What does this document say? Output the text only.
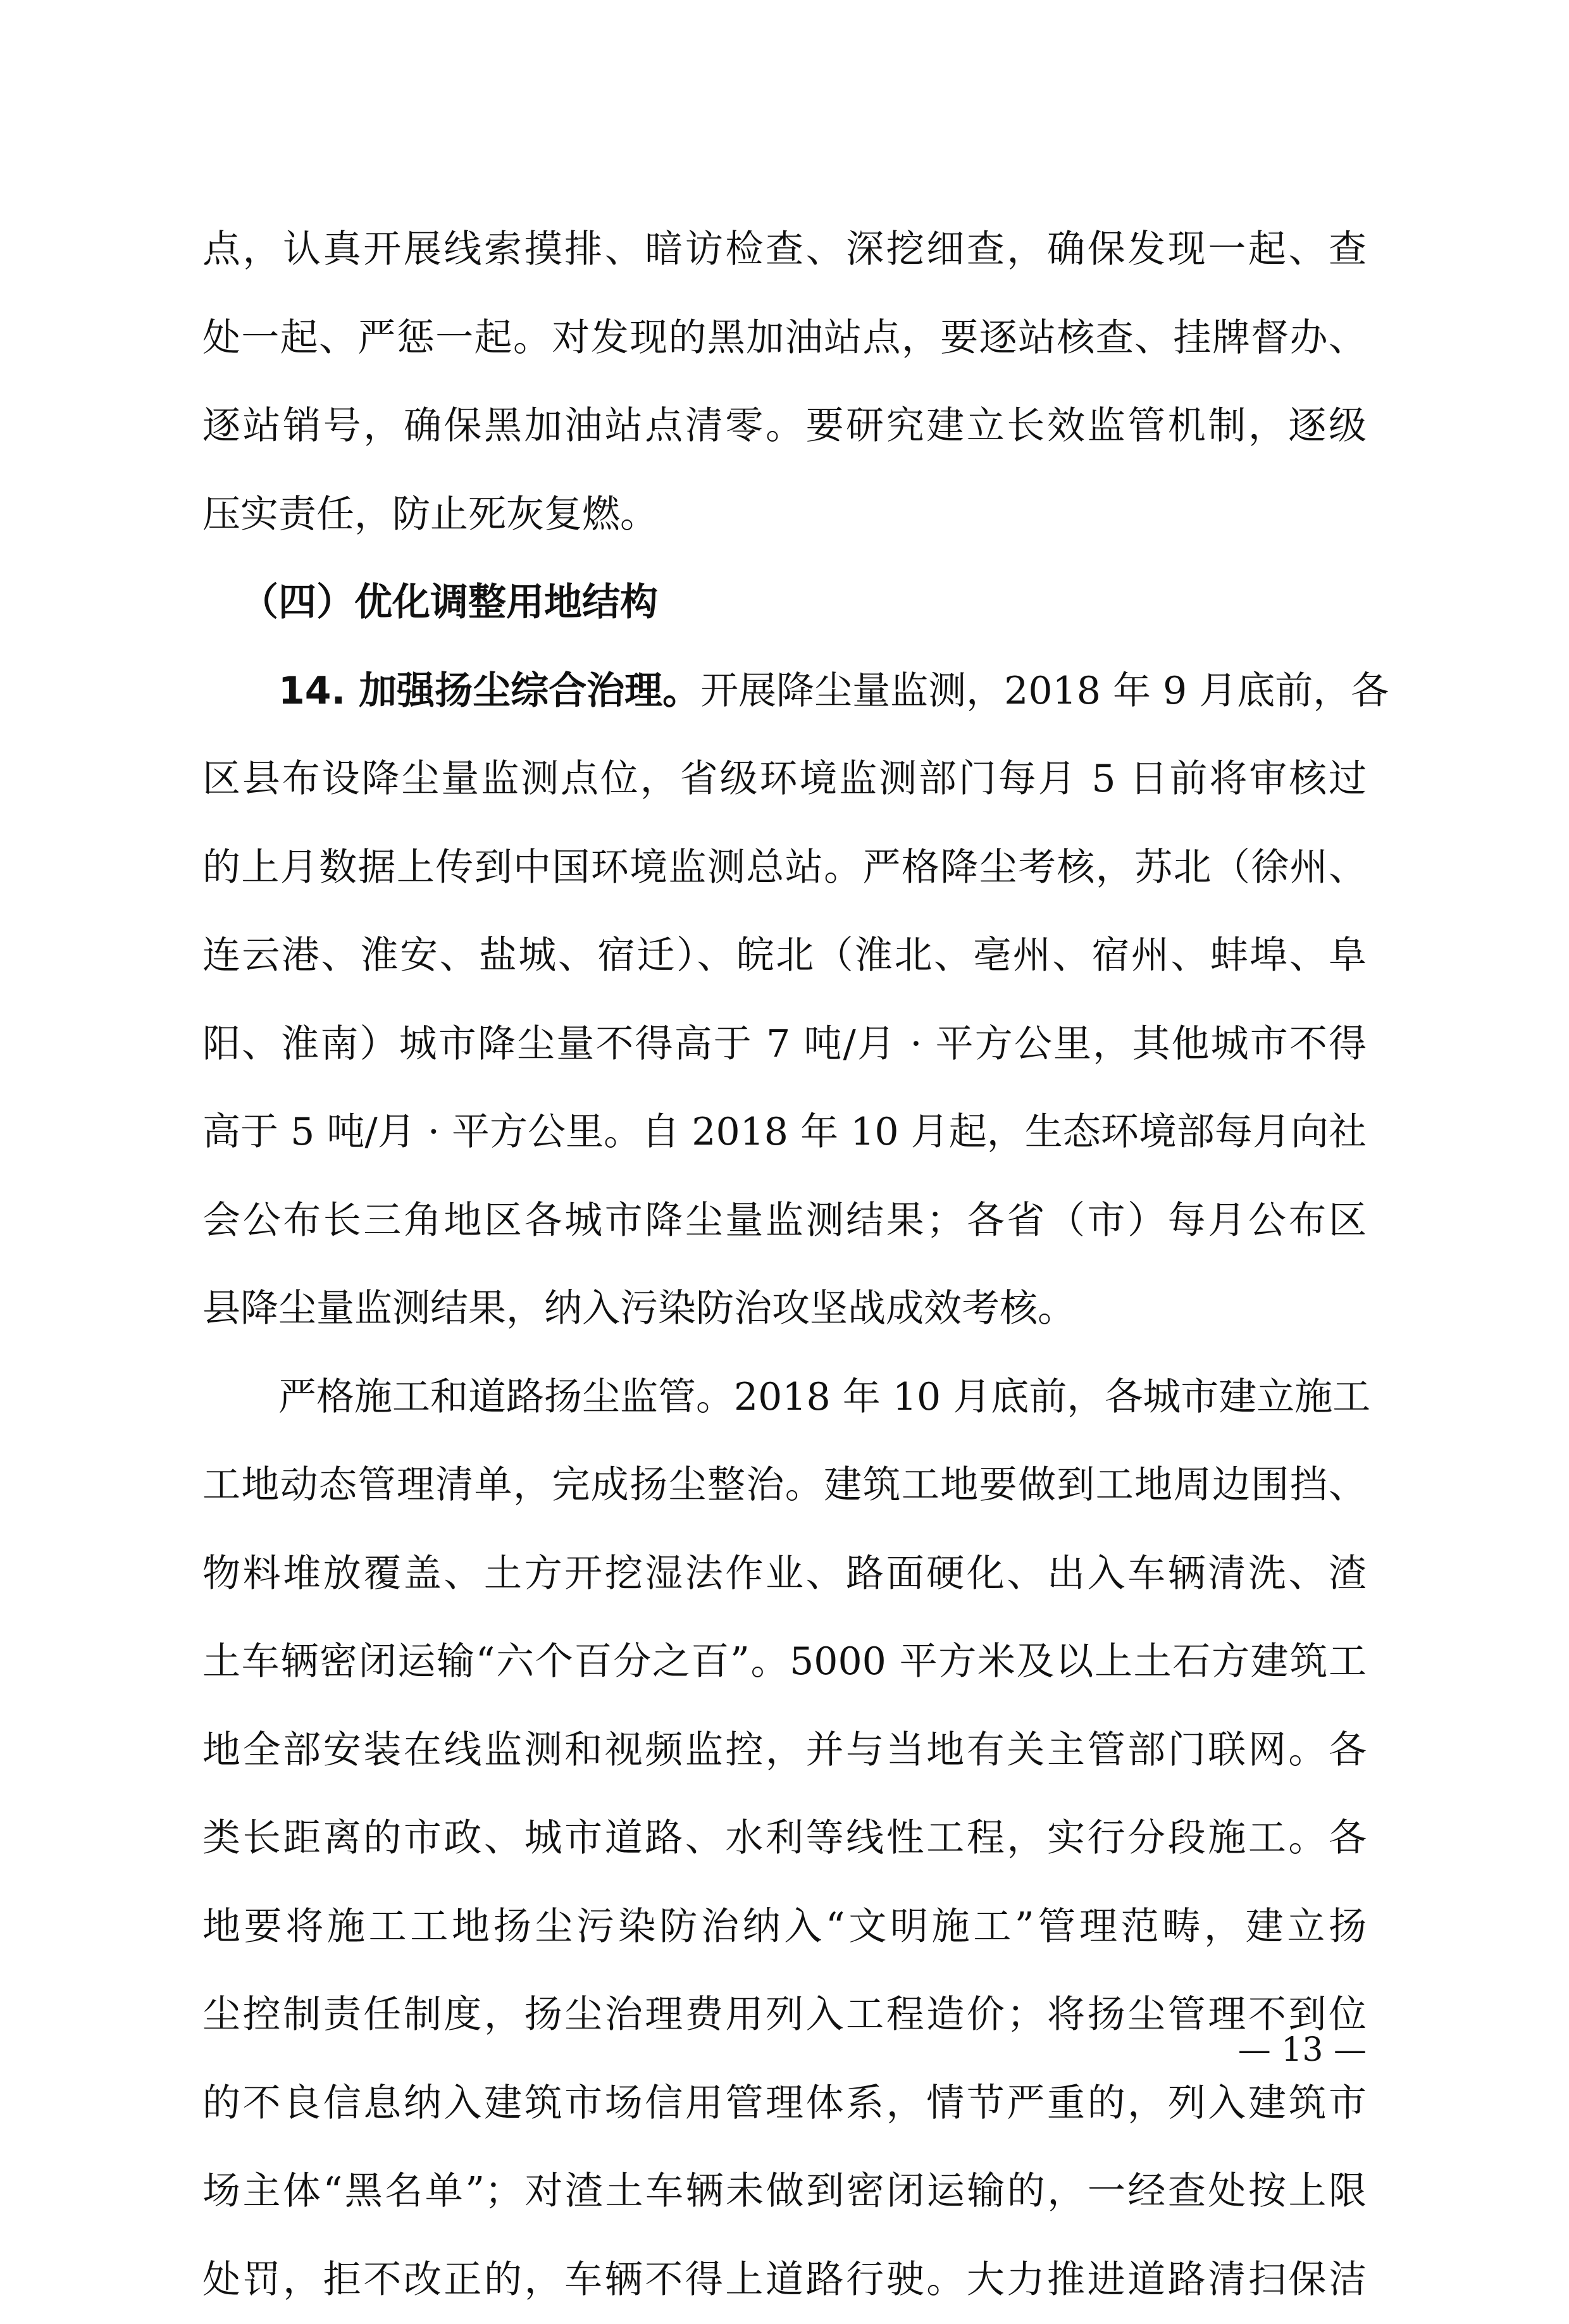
点，认真开展线索摸排、暗访检查、深挖细查，确保发现一起、查
处一起、严惩一起。对发现的黑加油站点，要逐站核查、挂牌督办、
逐站销号，确保黑加油站点清零。要研究建立长效监管机制，逐级
压实责任，防止死灰复燃。
（四）优化调整用地结构
14. 加强扬尘综合治理。开展降尘量监测，2018 年 9 月底前，各
区县布设降尘量监测点位，省级环境监测部门每月 5 日前将审核过
的上月数据上传到中国环境监测总站。严格降尘考核，苏北（徐州、
连云港、淮安、盐城、宿迁）、皖北（淮北、亳州、宿州、蚌埠、阜
阳、淮南）城市降尘量不得高于 7 吨/月 · 平方公里，其他城市不得
高于 5 吨/月 · 平方公里。自 2018 年 10 月起，生态环境部每月向社
会公布长三角地区各城市降尘量监测结果；各省（市）每月公布区
县降尘量监测结果，纳入污染防治攻坚战成效考核。
严格施工和道路扬尘监管。2018 年 10 月底前，各城市建立施工
工地动态管理清单，完成扬尘整治。建筑工地要做到工地周边围挡、
物料堆放覆盖、土方开挖湿法作业、路面硬化、出入车辆清洗、渣
土车辆密闭运输“六个百分之百”。5000 平方米及以上土石方建筑工
地全部安装在线监测和视频监控，并与当地有关主管部门联网。各
类长距离的市政、城市道路、水利等线性工程，实行分段施工。各
地要将施工工地扬尘污染防治纳入“文明施工”管理范畴，建立扬
尘控制责任制度，扬尘治理费用列入工程造价；将扬尘管理不到位
的不良信息纳入建筑市场信用管理体系，情节严重的，列入建筑市
场主体“黑名单”；对渣土车辆未做到密闭运输的，一经查处按上限
处罚，拒不改正的，车辆不得上道路行驶。大力推进道路清扫保洁
— 13 —
